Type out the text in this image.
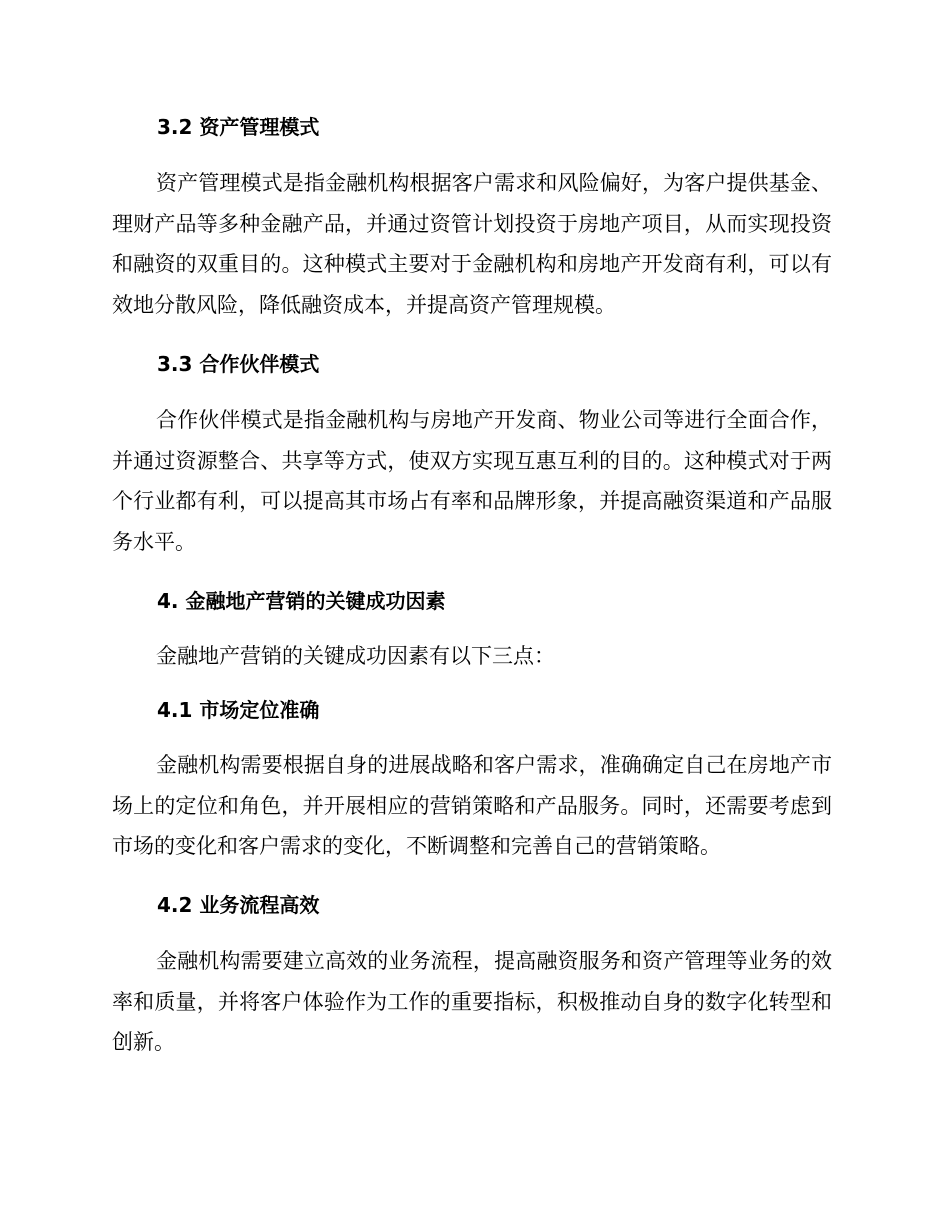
3.2 资产管理模式

资产管理模式是指金融机构根据客户需求和风险偏好，为客户提供基金、理财产品等多种金融产品，并通过资管计划投资于房地产项目，从而实现投资和融资的双重目的。这种模式主要对于金融机构和房地产开发商有利，可以有效地分散风险，降低融资成本，并提高资产管理规模。

3.3 合作伙伴模式

合作伙伴模式是指金融机构与房地产开发商、物业公司等进行全面合作，并通过资源整合、共享等方式，使双方实现互惠互利的目的。这种模式对于两个行业都有利，可以提高其市场占有率和品牌形象，并提高融资渠道和产品服务水平。

4. 金融地产营销的关键成功因素

金融地产营销的关键成功因素有以下三点：

4.1 市场定位准确

金融机构需要根据自身的进展战略和客户需求，准确确定自己在房地产市场上的定位和角色，并开展相应的营销策略和产品服务。同时，还需要考虑到市场的变化和客户需求的变化，不断调整和完善自己的营销策略。

4.2 业务流程高效

金融机构需要建立高效的业务流程，提高融资服务和资产管理等业务的效率和质量，并将客户体验作为工作的重要指标，积极推动自身的数字化转型和创新。
